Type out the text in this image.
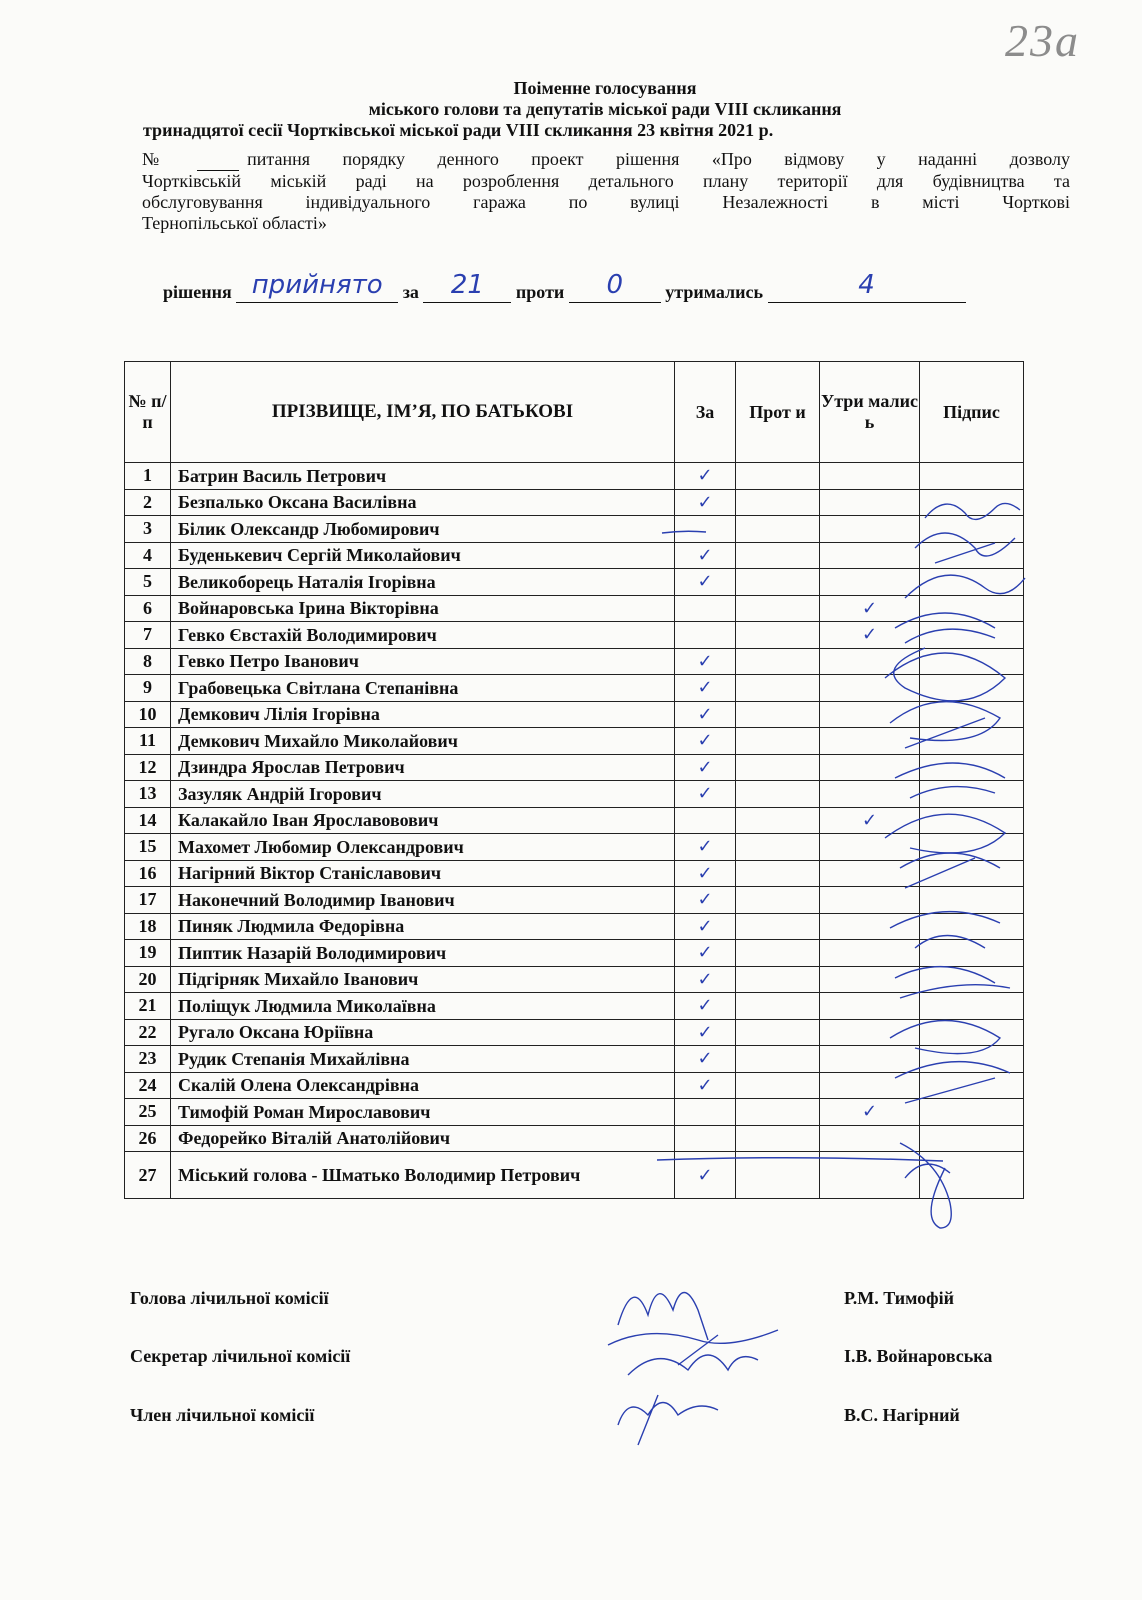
23а
Поіменне голосування
міського голови та депутатів міської ради VIII скликання
тринадцятої сесії Чортківської міської ради VIII скликання 23 квітня 2021 р.
№	питання порядку денного проект рішення «Про відмову у наданні дозволу
Чортківській міській раді на розроблення детального плану території для будівництва та
обслуговування індивідуального гаража по вулиці Незалежності в місті Чорткові
Тернопільської області»
рішення прийнято	за	21	проти	0	утримались	4
№ п/п	ПРІЗВИЩЕ, ІМ’Я, ПО БАТЬКОВІ	За	Прот и	Утри малис ь	Підпис
1	Батрин Василь Петрович	✓			
2	Безпалько Оксана Василівна	✓			
3	Білик Олександр Любомирович				
4	Буденькевич Сергій Миколайович	✓			
5	Великоборець Наталія Ігорівна	✓			
6	Войнаровська Ірина Вікторівна			✓	
7	Гевко Євстахій Володимирович			✓	
8	Гевко Петро Іванович	✓			
9	Грабовецька Світлана Степанівна	✓			
10	Демкович Лілія Ігорівна	✓			
11	Демкович Михайло Миколайович	✓			
12	Дзиндра Ярослав Петрович	✓			
13	Зазуляк Андрій Ігорович	✓			
14	Калакайло Іван Ярославовович			✓	
15	Махомет Любомир Олександрович	✓			
16	Нагірний Віктор Станіславович	✓			
17	Наконечний Володимир Іванович	✓			
18	Пиняк Людмила Федорівна	✓			
19	Пиптик Назарій Володимирович	✓			
20	Підгірняк Михайло Іванович	✓			
21	Поліщук Людмила Миколаївна	✓			
22	Ругало Оксана Юріївна	✓			
23	Рудик Степанія Михайлівна	✓			
24	Скалій Олена Олександрівна	✓			
25	Тимофій Роман Мирославович			✓	
26	Федорейко Віталій Анатолійович				
27	Міський голова - Шматько Володимир Петрович	✓			
Голова лічильної комісії	Р.М. Тимофій
Секретар лічильної комісії	І.В. Войнаровська
Член лічильної комісії	В.С. Нагірний
